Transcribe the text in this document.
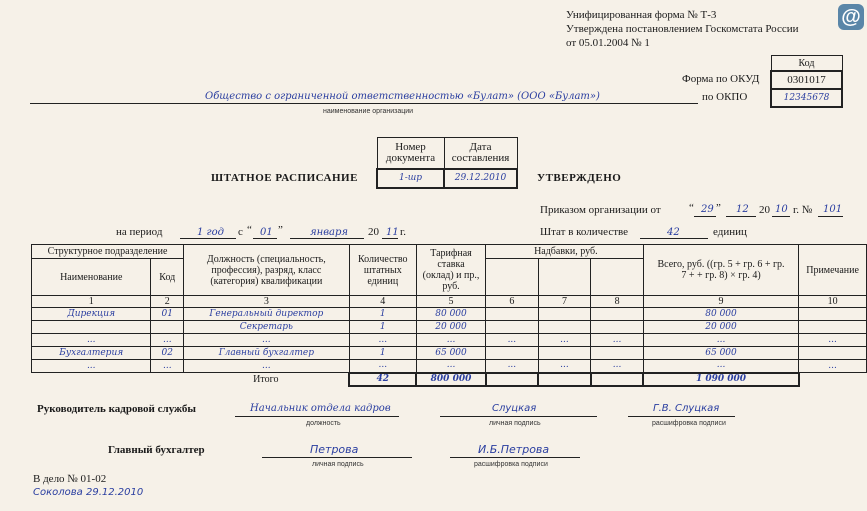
@
Унифицированная форма № Т-3
Утверждена постановлением Госкомстата России
от 05.01.2004 № 1
Код
0301017
12345678
Форма по ОКУД
по ОКПО
Общество с ограниченной ответственностью «Булат» (ООО «Булат»)
наименование организации
Номер документа	Дата составления
1-шр	29.12.2010
ШТАТНОЕ РАСПИСАНИЕ	УТВЕРЖДЕНО
Приказом организации от	“ 29 ” 12 20 10 г. № 101
на период	1 год с “ 01 ”	января 20 11 г.	Штат в количестве	42	единиц
Структурное подразделение		Должность (специальность, профессия), разряд, класс (категория) квалификации	Количество штатных единиц	Тарифная ставка (оклад) и пр., руб.	Надбавки, руб.			Всего, руб. ((гр. 5 + гр. 6 + гр. 7 + + гр. 8) × гр. 4)	Примечание
Наименование	Код								
1	2	3	4	5	6	7	8	9	10
Дирекция	01	Генеральный директор	1	80 000				80 000	
		Секретарь	1	20 000				20 000	
...	...	...	...	...	...	...	...	...	...
Бухгалтерия	02	Главный бухгалтер	1	65 000				65 000	
...	...	...	...	...	...	...	...	...	...
		Итого	42	800 000				1 090 000	
Руководитель кадровой службы	Начальник отдела кадров
должность
Слуцкая
личная подпись
Г.В. Слуцкая
расшифровка подписи
Главный бухгалтер	Петрова
личная подпись
И.Б.Петрова
расшифровка подписи
В дело № 01-02
Соколова 29.12.2010
